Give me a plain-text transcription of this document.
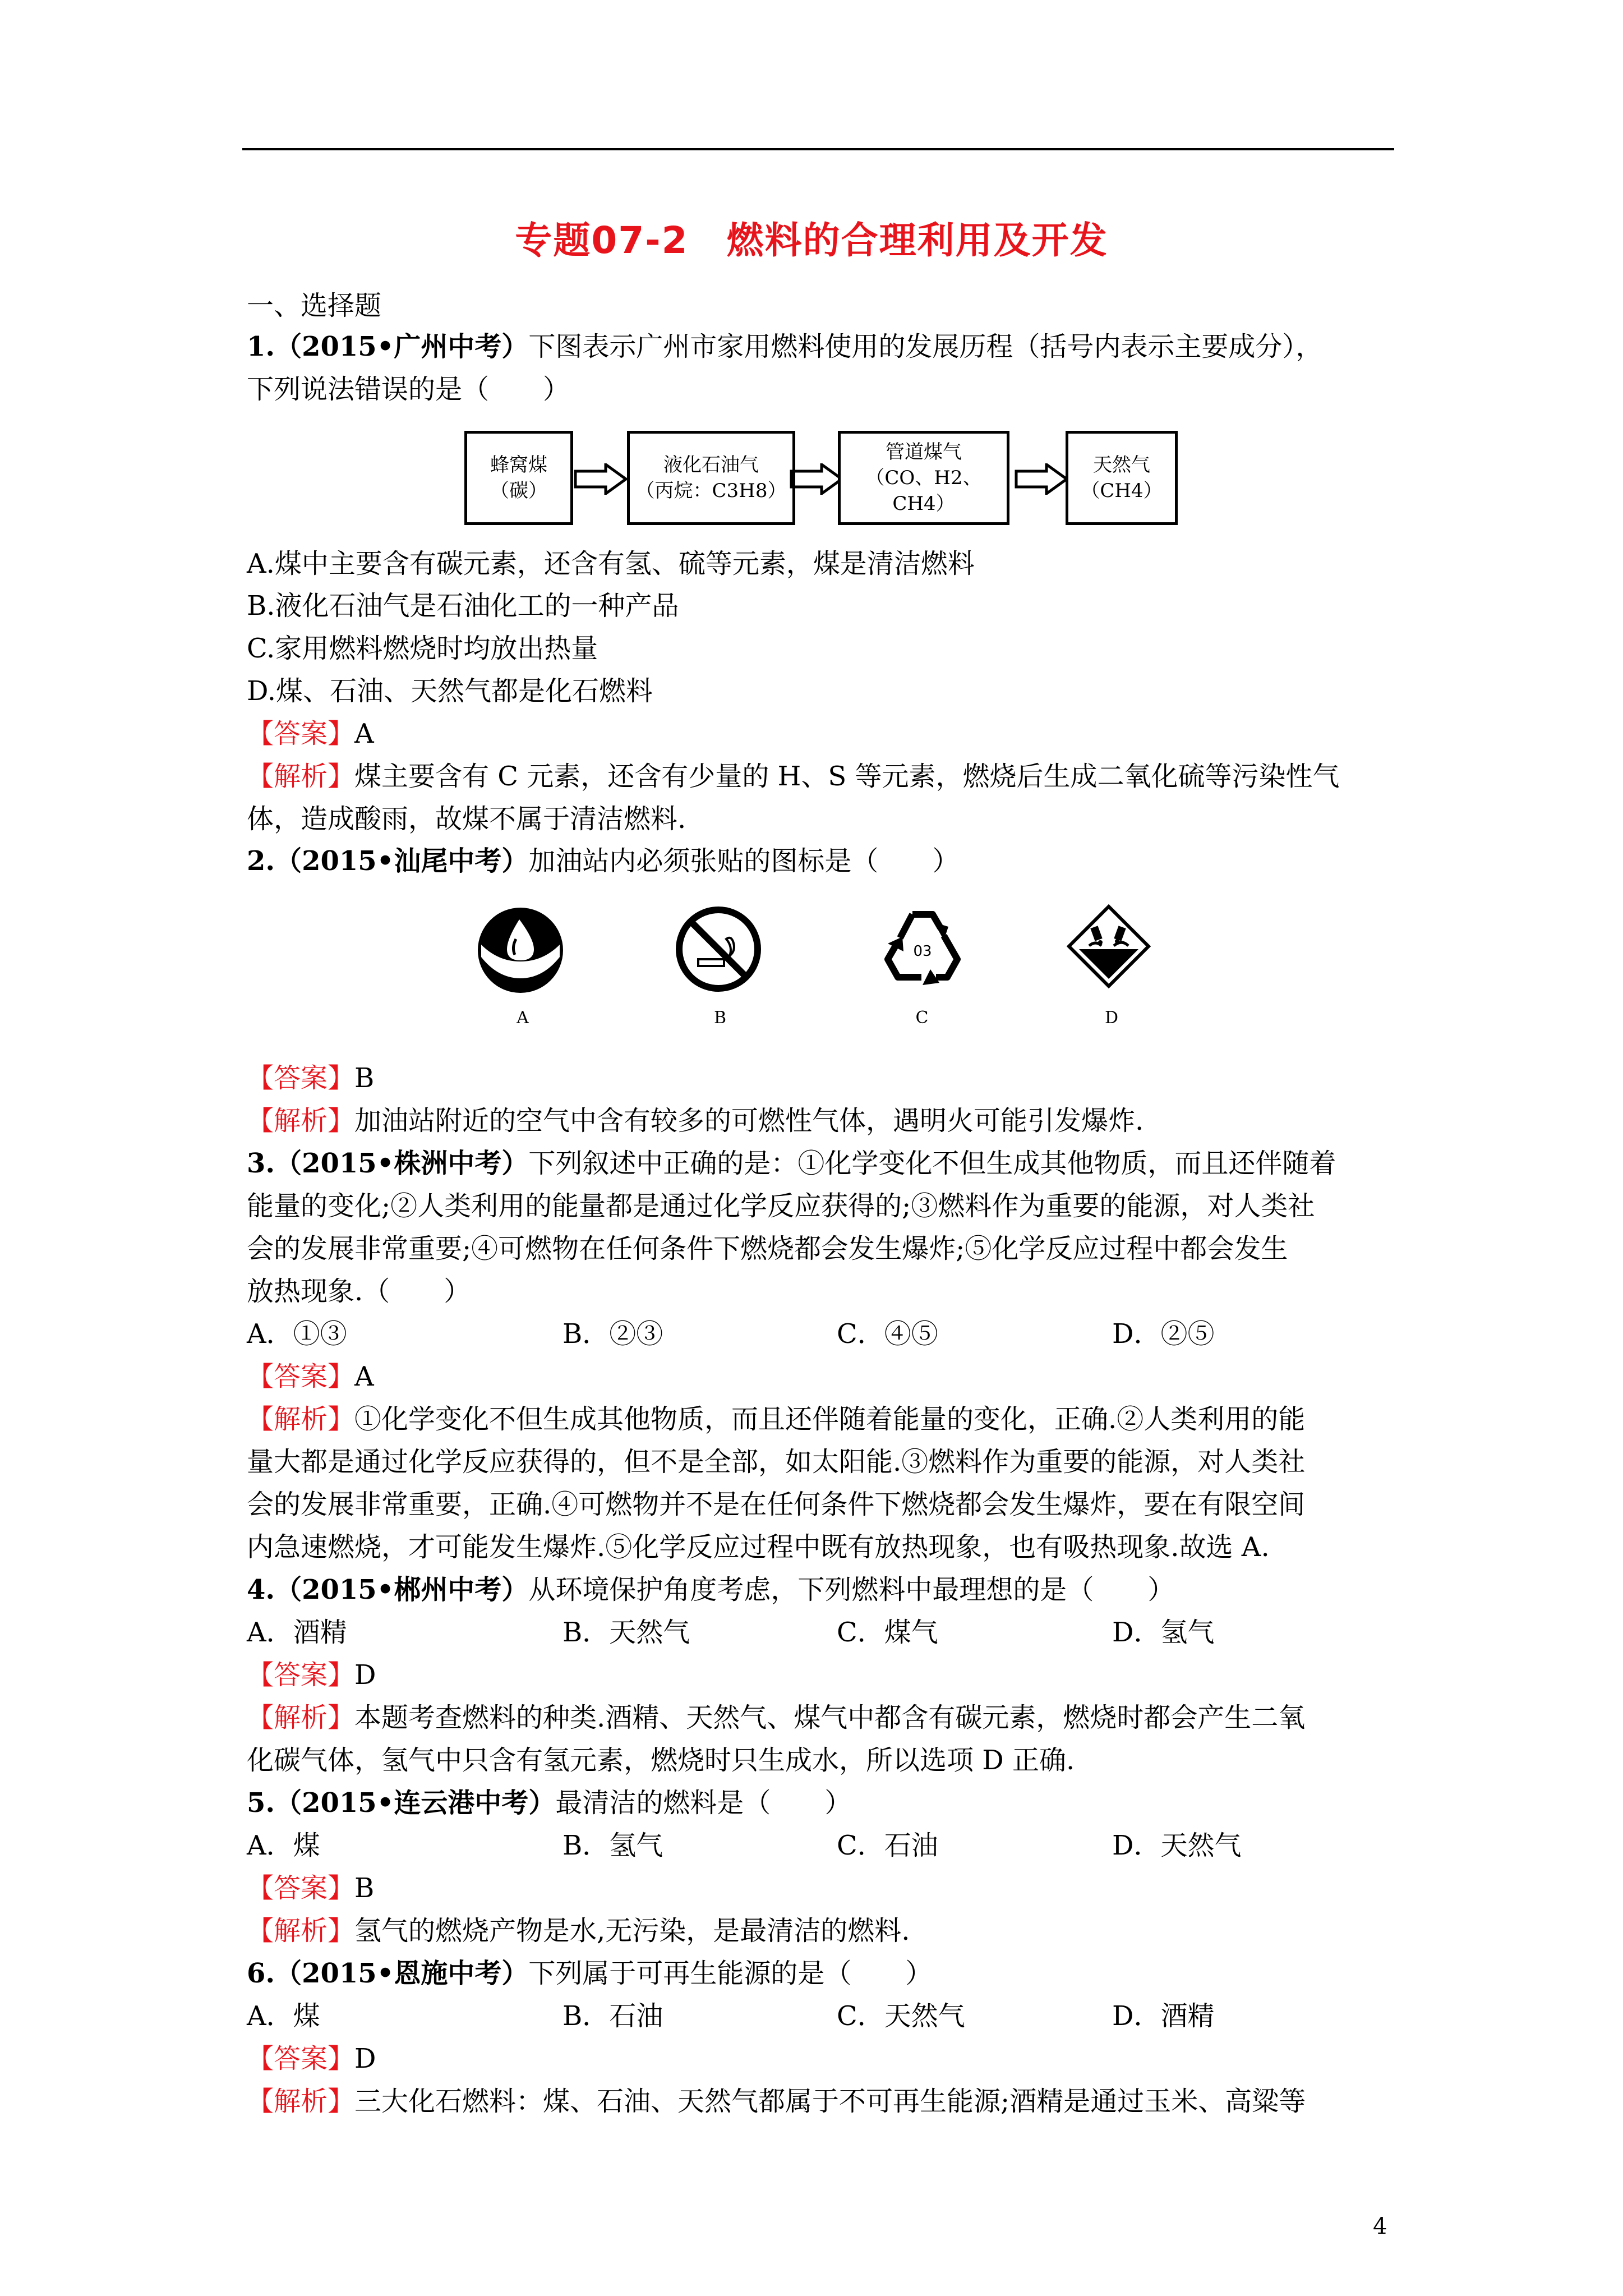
专题07-2　燃料的合理利用及开发
一、选择题
1.（2015•广州中考）下图表示广州市家用燃料使用的发展历程（括号内表示主要成分），
下列说法错误的是（　　）
蜂窝煤
（碳）
液化石油气
（丙烷：C3H8）
管道煤气
（CO、H2、CH4）
天然气
（CH4）
A.煤中主要含有碳元素，还含有氢、硫等元素，煤是清洁燃料
B.液化石油气是石油化工的一种产品
C.家用燃料燃烧时均放出热量
D.煤、石油、天然气都是化石燃料
【答案】A
【解析】煤主要含有 C 元素，还含有少量的 H、S 等元素，燃烧后生成二氧化硫等污染性气
体，造成酸雨，故煤不属于清洁燃料.
2.（2015•汕尾中考）加油站内必须张贴的图标是（　　）
03
A	B	C	D
【答案】B
【解析】加油站附近的空气中含有较多的可燃性气体，遇明火可能引发爆炸.
3.（2015•株洲中考）下列叙述中正确的是：①化学变化不但生成其他物质，而且还伴随着
能量的变化;②人类利用的能量都是通过化学反应获得的;③燃料作为重要的能源，对人类社
会的发展非常重要;④可燃物在任何条件下燃烧都会发生爆炸;⑤化学反应过程中都会发生
放热现象.（　　）
A．①③	B．②③	C．④⑤	D．②⑤
【答案】A
【解析】①化学变化不但生成其他物质，而且还伴随着能量的变化，正确.②人类利用的能
量大都是通过化学反应获得的，但不是全部，如太阳能.③燃料作为重要的能源，对人类社
会的发展非常重要，正确.④可燃物并不是在任何条件下燃烧都会发生爆炸，要在有限空间
内急速燃烧，才可能发生爆炸.⑤化学反应过程中既有放热现象，也有吸热现象.故选 A.
4.（2015•郴州中考）从环境保护角度考虑，下列燃料中最理想的是（　　）
A．酒精	B．天然气	C．煤气	D．氢气
【答案】D
【解析】本题考查燃料的种类.酒精、天然气、煤气中都含有碳元素，燃烧时都会产生二氧
化碳气体，氢气中只含有氢元素，燃烧时只生成水，所以选项 D 正确.
5.（2015•连云港中考）最清洁的燃料是（　　）
A．煤	B．氢气	C．石油	D．天然气
【答案】B
【解析】氢气的燃烧产物是水,无污染，是最清洁的燃料.
6.（2015•恩施中考）下列属于可再生能源的是（　　）
A．煤	B．石油	C．天然气	D．酒精
【答案】D
【解析】三大化石燃料：煤、石油、天然气都属于不可再生能源;酒精是通过玉米、高粱等
4
